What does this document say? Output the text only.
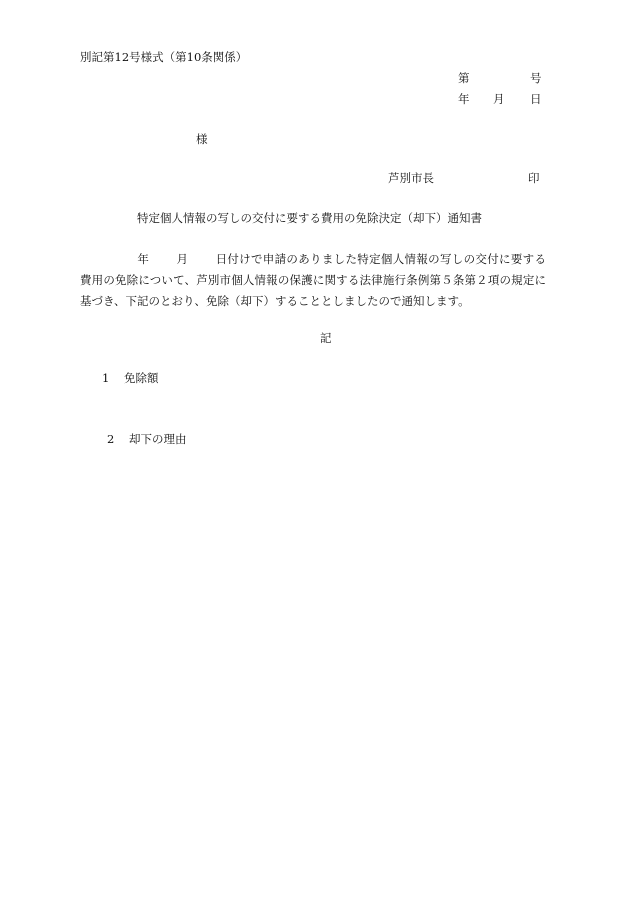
別記第12号様式（第10条関係）
第	号
年 月 日
様
芦別市長	印
特定個人情報の写しの交付に要する費用の免除決定（却下）通知書
年 月 日付けで申請のありました特定個人情報の写しの交付に要する費用の免除について、芦別市個人情報の保護に関する法律施行条例第５条第２項の規定に基づき、下記のとおり、免除（却下）することとしましたので通知します。
記
1 免除額
2 却下の理由
